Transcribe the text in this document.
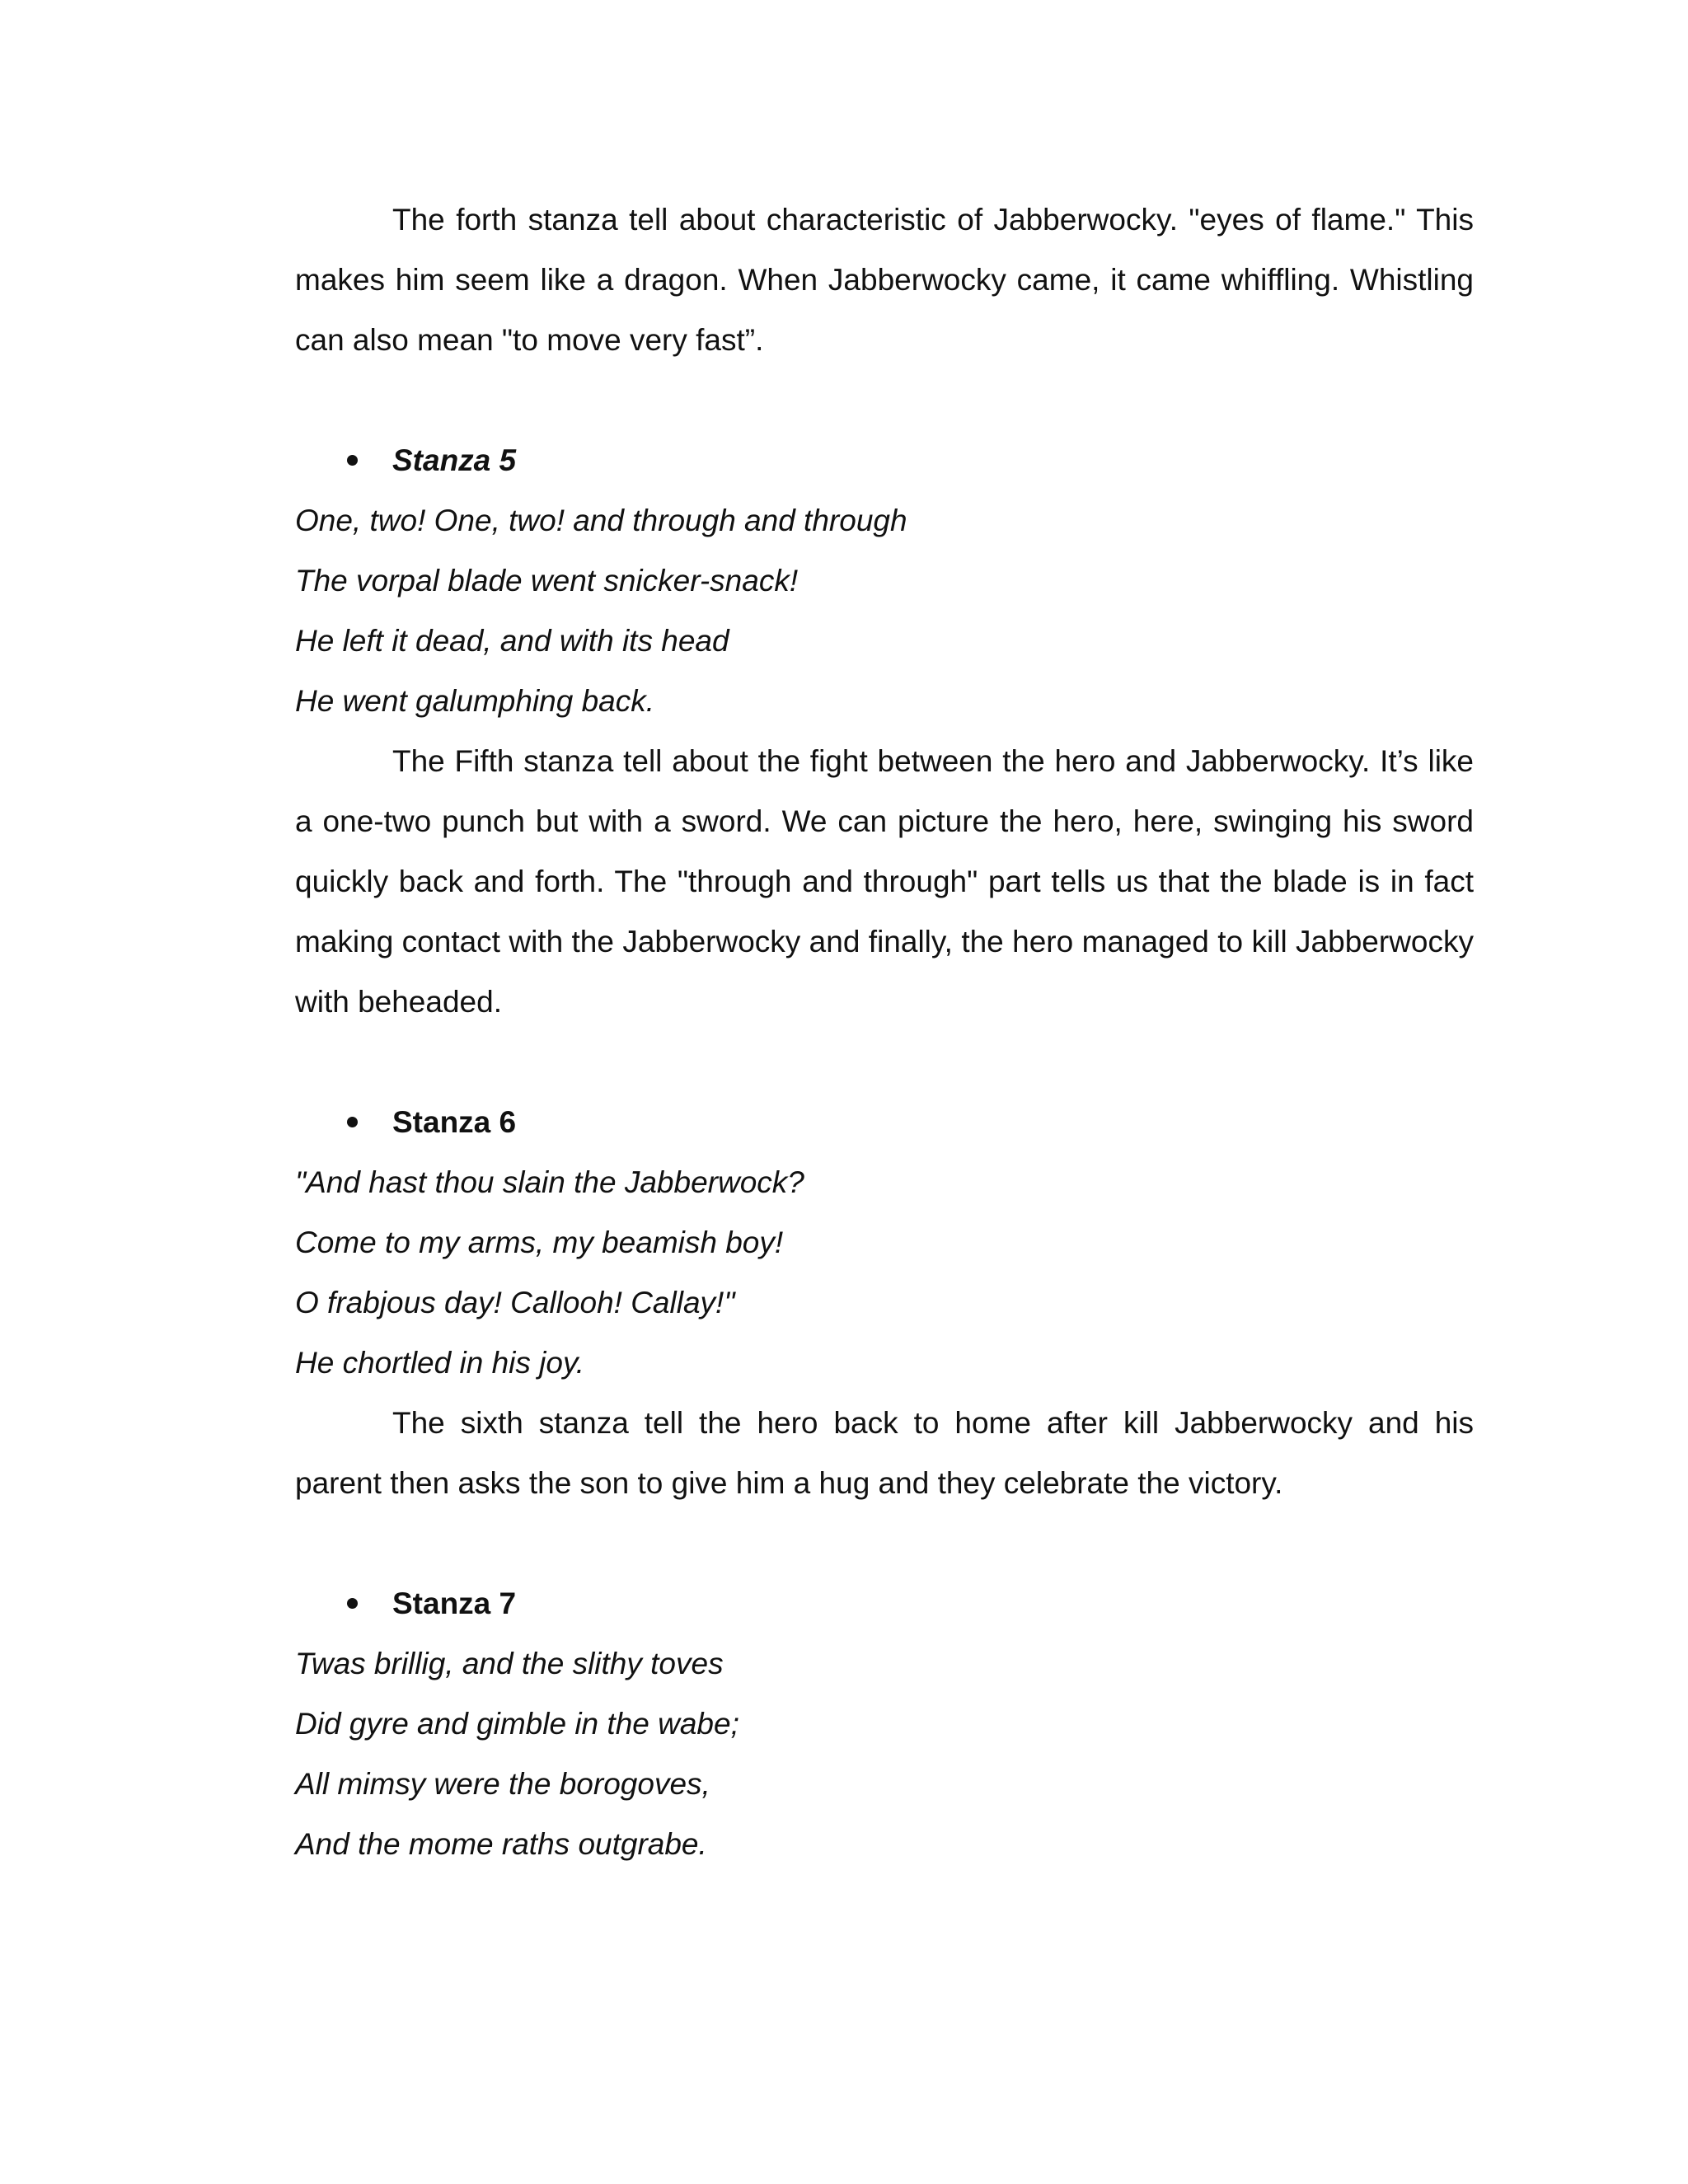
The forth stanza tell about characteristic of Jabberwocky. "eyes of flame." This makes him seem like a dragon. When Jabberwocky came, it came whiffling. Whistling can also mean "to move very fast”.

Stanza 5

One, two! One, two! and through and through

The vorpal blade went snicker-snack!

He left it dead, and with its head

He went galumphing back.

The Fifth stanza tell about the fight between the hero and Jabberwocky. It’s like a one-two punch but with a sword. We can picture the hero, here, swinging his sword quickly back and forth. The "through and through" part tells us that the blade is in fact making contact with the Jabberwocky and finally, the hero managed to kill Jabberwocky with beheaded.

Stanza 6

"And hast thou slain the Jabberwock?

Come to my arms, my beamish boy!

O frabjous day! Callooh! Callay!"

He chortled in his joy.

The sixth stanza tell the hero back to home after kill Jabberwocky and his parent then asks the son to give him a hug and they celebrate the victory.

Stanza 7

Twas brillig, and the slithy toves

Did gyre and gimble in the wabe;

All mimsy were the borogoves,

And the mome raths outgrabe.
